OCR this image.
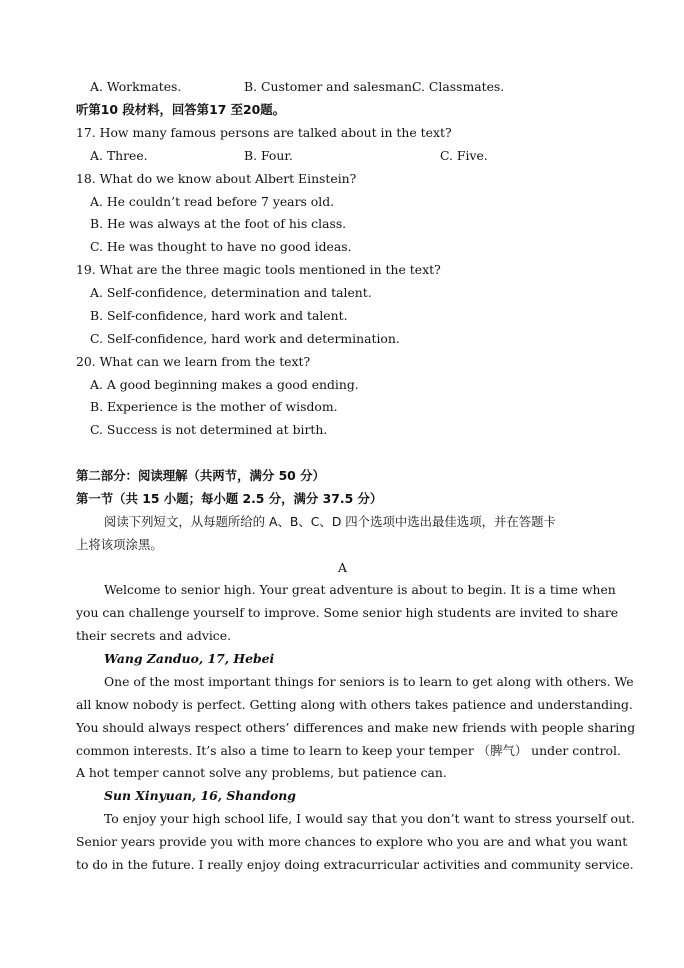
A. Workmates.	B. Customer and salesman.
C. Classmates.
听第10 段材料，回答第17 至20题。
17. How many famous persons are talked about in the text?
A. Three.	B. Four.	C. Five.
18. What do we know about Albert Einstein?
A. He couldn’t read before 7 years old.
B. He was always at the foot of his class.
C. He was thought to have no good ideas.
19. What are the three magic tools mentioned in the text?
A. Self-confidence, determination and talent.
B. Self-confidence, hard work and talent.
C. Self-confidence, hard work and determination.
20. What can we learn from the text?
A. A good beginning makes a good ending.
B. Experience is the mother of wisdom.
C. Success is not determined at birth.
第二部分：阅读理解（共两节，满分 50 分）
第一节（共 15 小题；每小题 2.5 分，满分 37.5 分）
阅读下列短文，从每题所给的 A、B、C、D 四个选项中选出最佳选项，并在答题卡
上将该项涂黑。
A
Welcome to senior high. Your great adventure is about to begin. It is a time when
you can challenge yourself to improve. Some senior high students are invited to share
their secrets and advice.
Wang Zanduo, 17, Hebei
One of the most important things for seniors is to learn to get along with others. We
all know nobody is perfect. Getting along with others takes patience and understanding.
You should always respect others’ differences and make new friends with people sharing
common interests. It’s also a time to learn to keep your temper （脾气） under control.
A hot temper cannot solve any problems, but patience can.
Sun Xinyuan, 16, Shandong
To enjoy your high school life, I would say that you don’t want to stress yourself out.
Senior years provide you with more chances to explore who you are and what you want
to do in the future. I really enjoy doing extracurricular activities and community service.
